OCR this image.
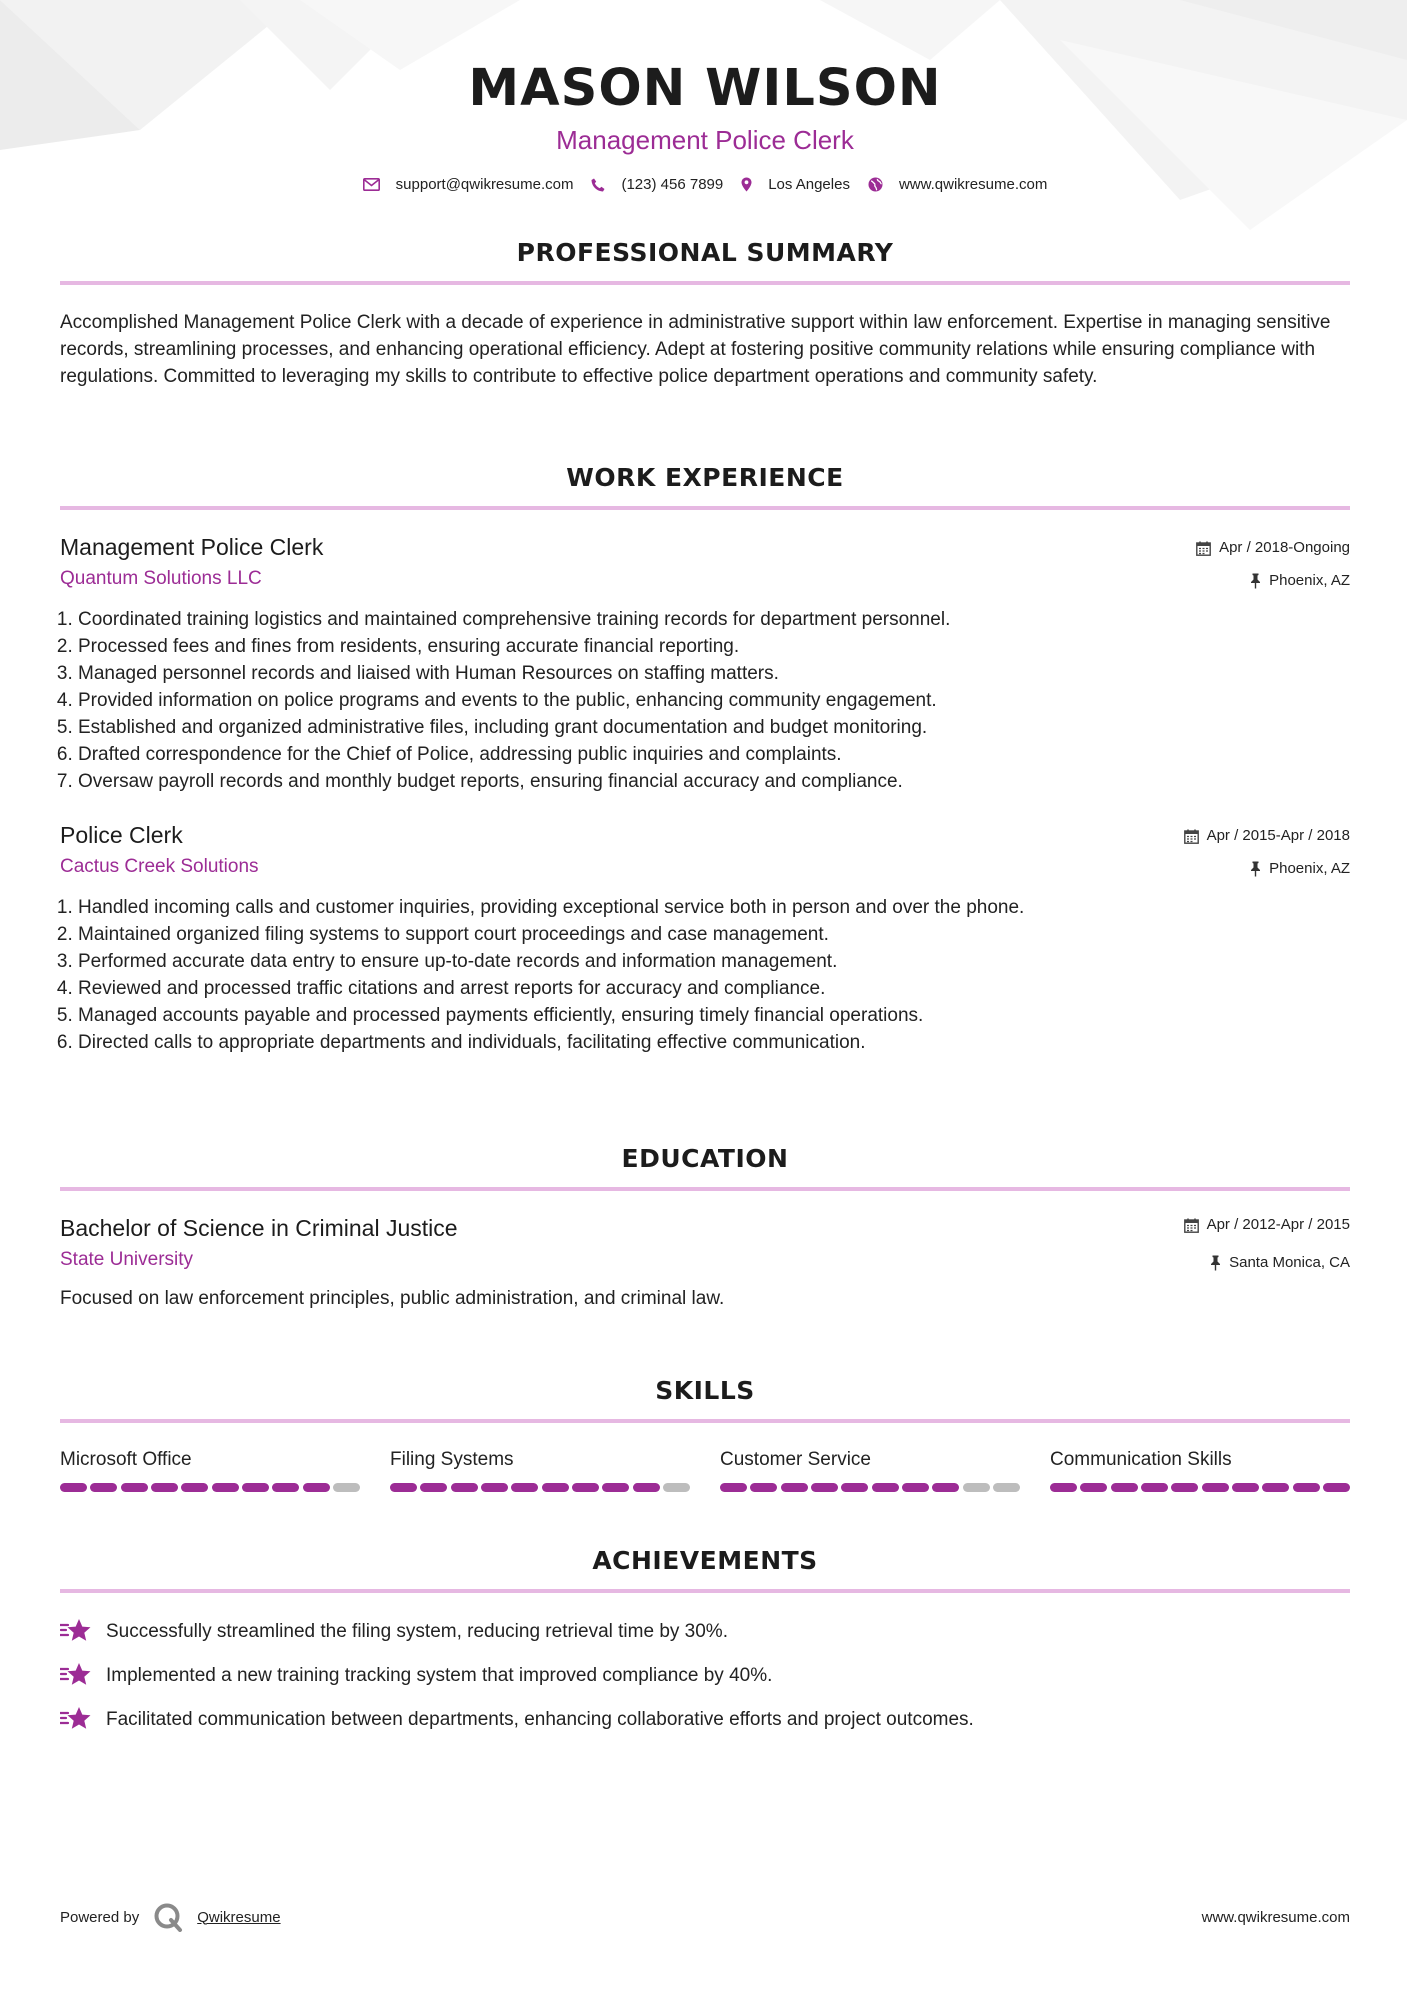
MASON WILSON
Management Police Clerk
support@qwikresume.com	(123) 456 7899	Los Angeles	www.qwikresume.com
PROFESSIONAL SUMMARY
Accomplished Management Police Clerk with a decade of experience in administrative support within law enforcement. Expertise in managing sensitive records, streamlining processes, and enhancing operational efficiency. Adept at fostering positive community relations while ensuring compliance with regulations. Committed to leveraging my skills to contribute to effective police department operations and community safety.
WORK EXPERIENCE
Management Police Clerk
Quantum Solutions LLC
Apr / 2018-Ongoing
Phoenix, AZ
1. Coordinated training logistics and maintained comprehensive training records for department personnel.
2. Processed fees and fines from residents, ensuring accurate financial reporting.
3. Managed personnel records and liaised with Human Resources on staffing matters.
4. Provided information on police programs and events to the public, enhancing community engagement.
5. Established and organized administrative files, including grant documentation and budget monitoring.
6. Drafted correspondence for the Chief of Police, addressing public inquiries and complaints.
7. Oversaw payroll records and monthly budget reports, ensuring financial accuracy and compliance.
Police Clerk
Cactus Creek Solutions
Apr / 2015-Apr / 2018
Phoenix, AZ
1. Handled incoming calls and customer inquiries, providing exceptional service both in person and over the phone.
2. Maintained organized filing systems to support court proceedings and case management.
3. Performed accurate data entry to ensure up-to-date records and information management.
4. Reviewed and processed traffic citations and arrest reports for accuracy and compliance.
5. Managed accounts payable and processed payments efficiently, ensuring timely financial operations.
6. Directed calls to appropriate departments and individuals, facilitating effective communication.
EDUCATION
Bachelor of Science in Criminal Justice
State University
Apr / 2012-Apr / 2015
Santa Monica, CA
Focused on law enforcement principles, public administration, and criminal law.
SKILLS
Microsoft Office	Filing Systems	Customer Service	Communication Skills
ACHIEVEMENTS
Successfully streamlined the filing system, reducing retrieval time by 30%.
Implemented a new training tracking system that improved compliance by 40%.
Facilitated communication between departments, enhancing collaborative efforts and project outcomes.
Powered by	Qwikresume	www.qwikresume.com
